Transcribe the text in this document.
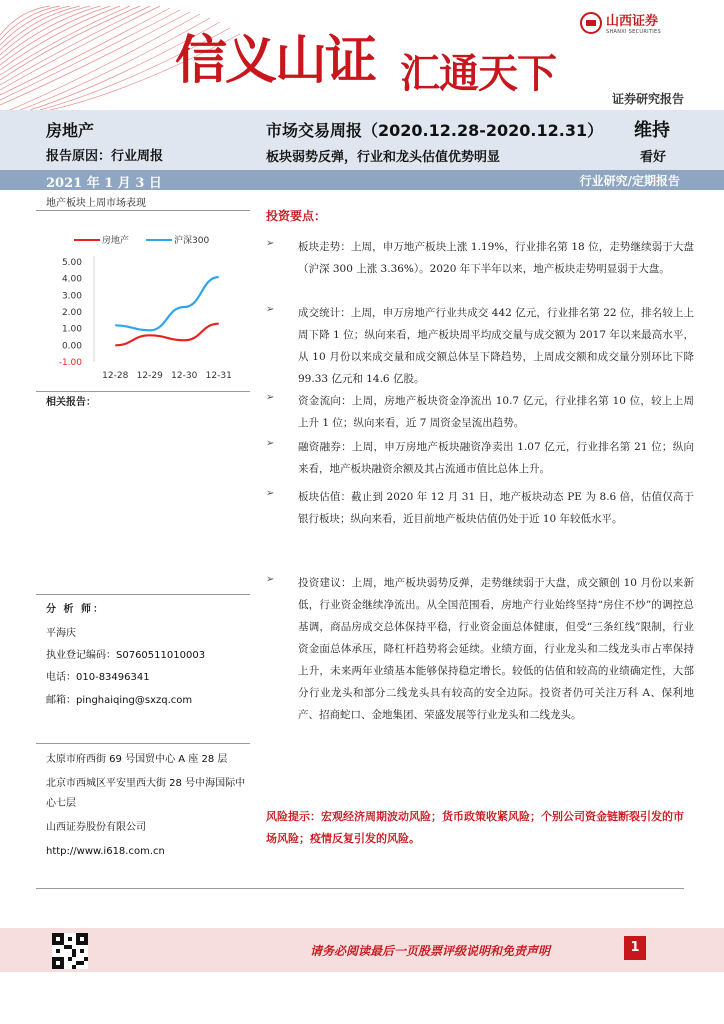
信义山证 汇通天下
山西证券
SHANXI SECURITIES
证券研究报告
房地产
报告原因：行业周报
市场交易周报（2020.12.28-2020.12.31）
板块弱势反弹，行业和龙头估值优势明显
维持
看好
2021 年 1 月 3 日	行业研究/定期报告
地产板块上周市场表现
房地产	沪深300
5.00
4.00
3.00
2.00
1.00
0.00
-1.00
12-28 12-29 12-30 12-31
相关报告：
分 析 师：
平海庆
执业登记编码：S0760511010003
电话：010-83496341
邮箱：pinghaiqing@sxzq.com
太原市府西街 69 号国贸中心 A 座 28 层
北京市西城区平安里西大街 28 号中海国际中心七层
山西证券股份有限公司
http://www.i618.com.cn
投资要点：
➢ 板块走势：上周，申万地产板块上涨 1.19%，行业排名第 18 位，走势继续弱于大盘（沪深 300 上涨 3.36%）。2020 年下半年以来，地产板块走势明显弱于大盘。
➢ 成交统计：上周，申万房地产行业共成交 442 亿元，行业排名第 22 位，排名较上上周下降 1 位；纵向来看，地产板块周平均成交量与成交额为 2017 年以来最高水平，从 10 月份以来成交量和成交额总体呈下降趋势，上周成交额和成交量分别环比下降 99.33 亿元和 14.6 亿股。
➢ 资金流向：上周，房地产板块资金净流出 10.7 亿元，行业排名第 10 位，较上上周上升 1 位；纵向来看，近 7 周资金呈流出趋势。
➢ 融资融券：上周，申万房地产板块融资净卖出 1.07 亿元，行业排名第 21 位；纵向来看，地产板块融资余额及其占流通市值比总体上升。
➢ 板块估值：截止到 2020 年 12 月 31 日，地产板块动态 PE 为 8.6 倍，估值仅高于银行板块；纵向来看，近目前地产板块估值仍处于近 10 年较低水平。
➢ 投资建议：上周，地产板块弱势反弹，走势继续弱于大盘，成交额创 10 月份以来新低，行业资金继续净流出。从全国范围看，房地产行业始终坚持“房住不炒”的调控总基调，商品房成交总体保持平稳，行业资金面总体健康，但受“三条红线”限制，行业资金面总体承压，降杠杆趋势将会延续。业绩方面，行业龙头和二线龙头市占率保持上升，未来两年业绩基本能够保持稳定增长。较低的估值和较高的业绩确定性，大部分行业龙头和部分二线龙头具有较高的安全边际。投资者仍可关注万科 A、保利地产、招商蛇口、金地集团、荣盛发展等行业龙头和二线龙头。
风险提示：宏观经济周期波动风险；货币政策收紧风险；个别公司资金链断裂引发的市场风险；疫情反复引发的风险。
请务必阅读最后一页股票评级说明和免责声明	1
